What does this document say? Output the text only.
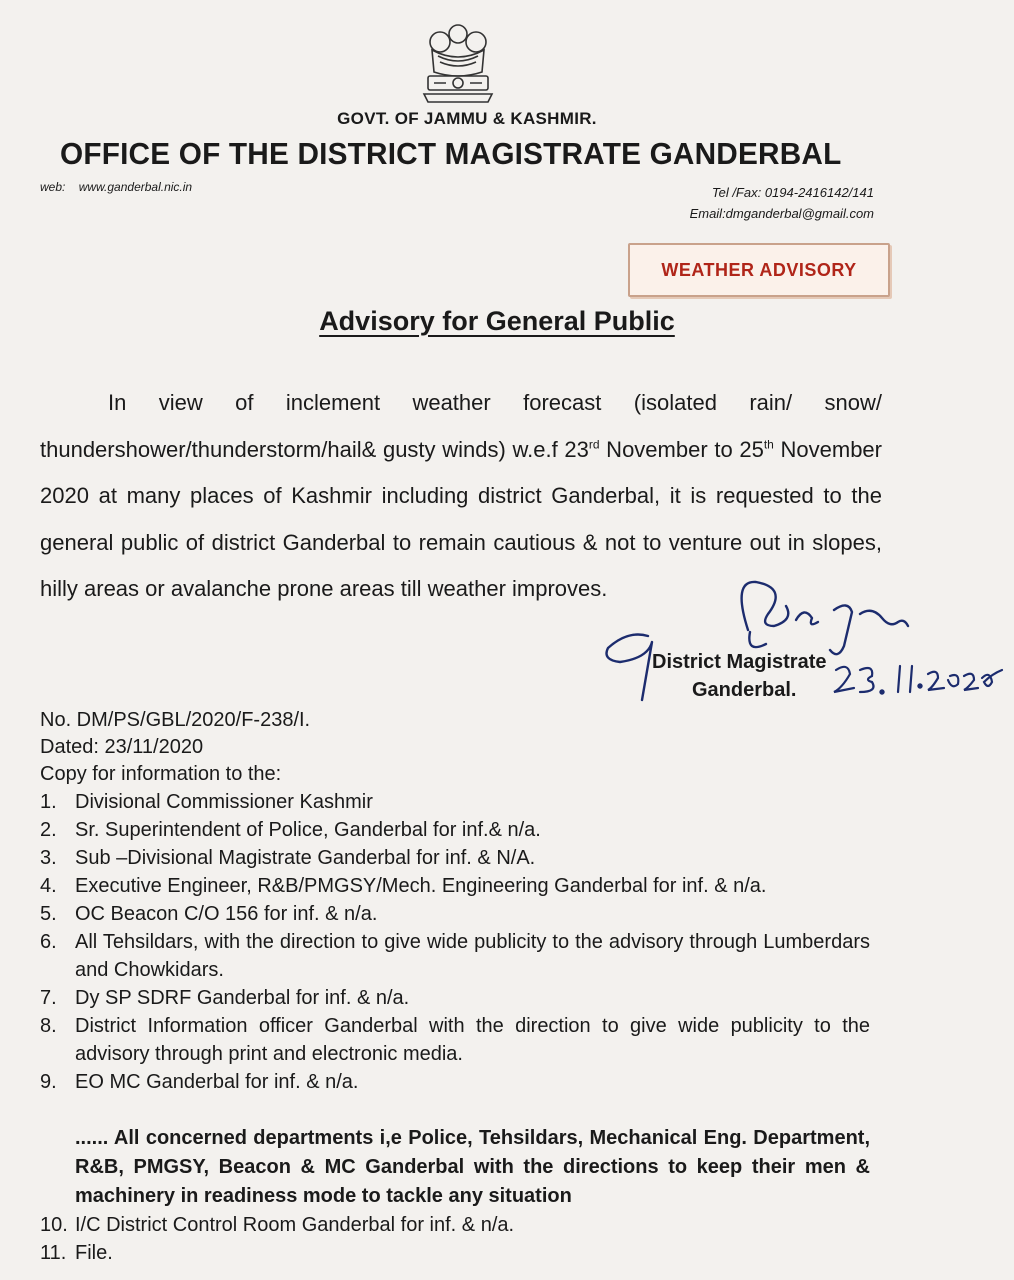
GOVT. OF JAMMU & KASHMIR.
OFFICE OF THE DISTRICT MAGISTRATE GANDERBAL
web: www.ganderbal.nic.in	Tel /Fax: 0194-2416142/141
Email:dmganderbal@gmail.com
WEATHER ADVISORY
Advisory for General Public
In view of inclement weather forecast (isolated rain/ snow/ thundershower/thunderstorm/hail& gusty winds) w.e.f 23rd November to 25th November 2020 at many places of Kashmir including district Ganderbal, it is requested to the general public of district Ganderbal to remain cautious & not to venture out in slopes, hilly areas or avalanche prone areas till weather improves.
District Magistrate
Ganderbal.
No. DM/PS/GBL/2020/F-238/I.
Dated: 23/11/2020
Copy for information to the:
1. Divisional Commissioner Kashmir
2. Sr. Superintendent of Police, Ganderbal for inf.& n/a.
3. Sub –Divisional Magistrate Ganderbal for inf. & N/A.
4. Executive Engineer, R&B/PMGSY/Mech. Engineering Ganderbal for inf. & n/a.
5. OC Beacon C/O 156 for inf. & n/a.
6. All Tehsildars, with the direction to give wide publicity to the advisory through Lumberdars and Chowkidars.
7. Dy SP SDRF Ganderbal for inf. & n/a.
8. District Information officer Ganderbal with the direction to give wide publicity to the advisory through print and electronic media.
9. EO MC Ganderbal for inf. & n/a.
...... All concerned departments i,e Police, Tehsildars, Mechanical Eng. Department, R&B, PMGSY, Beacon & MC Ganderbal with the directions to keep their men & machinery in readiness mode to tackle any situation
10. I/C District Control Room Ganderbal for inf. & n/a.
11. File.
